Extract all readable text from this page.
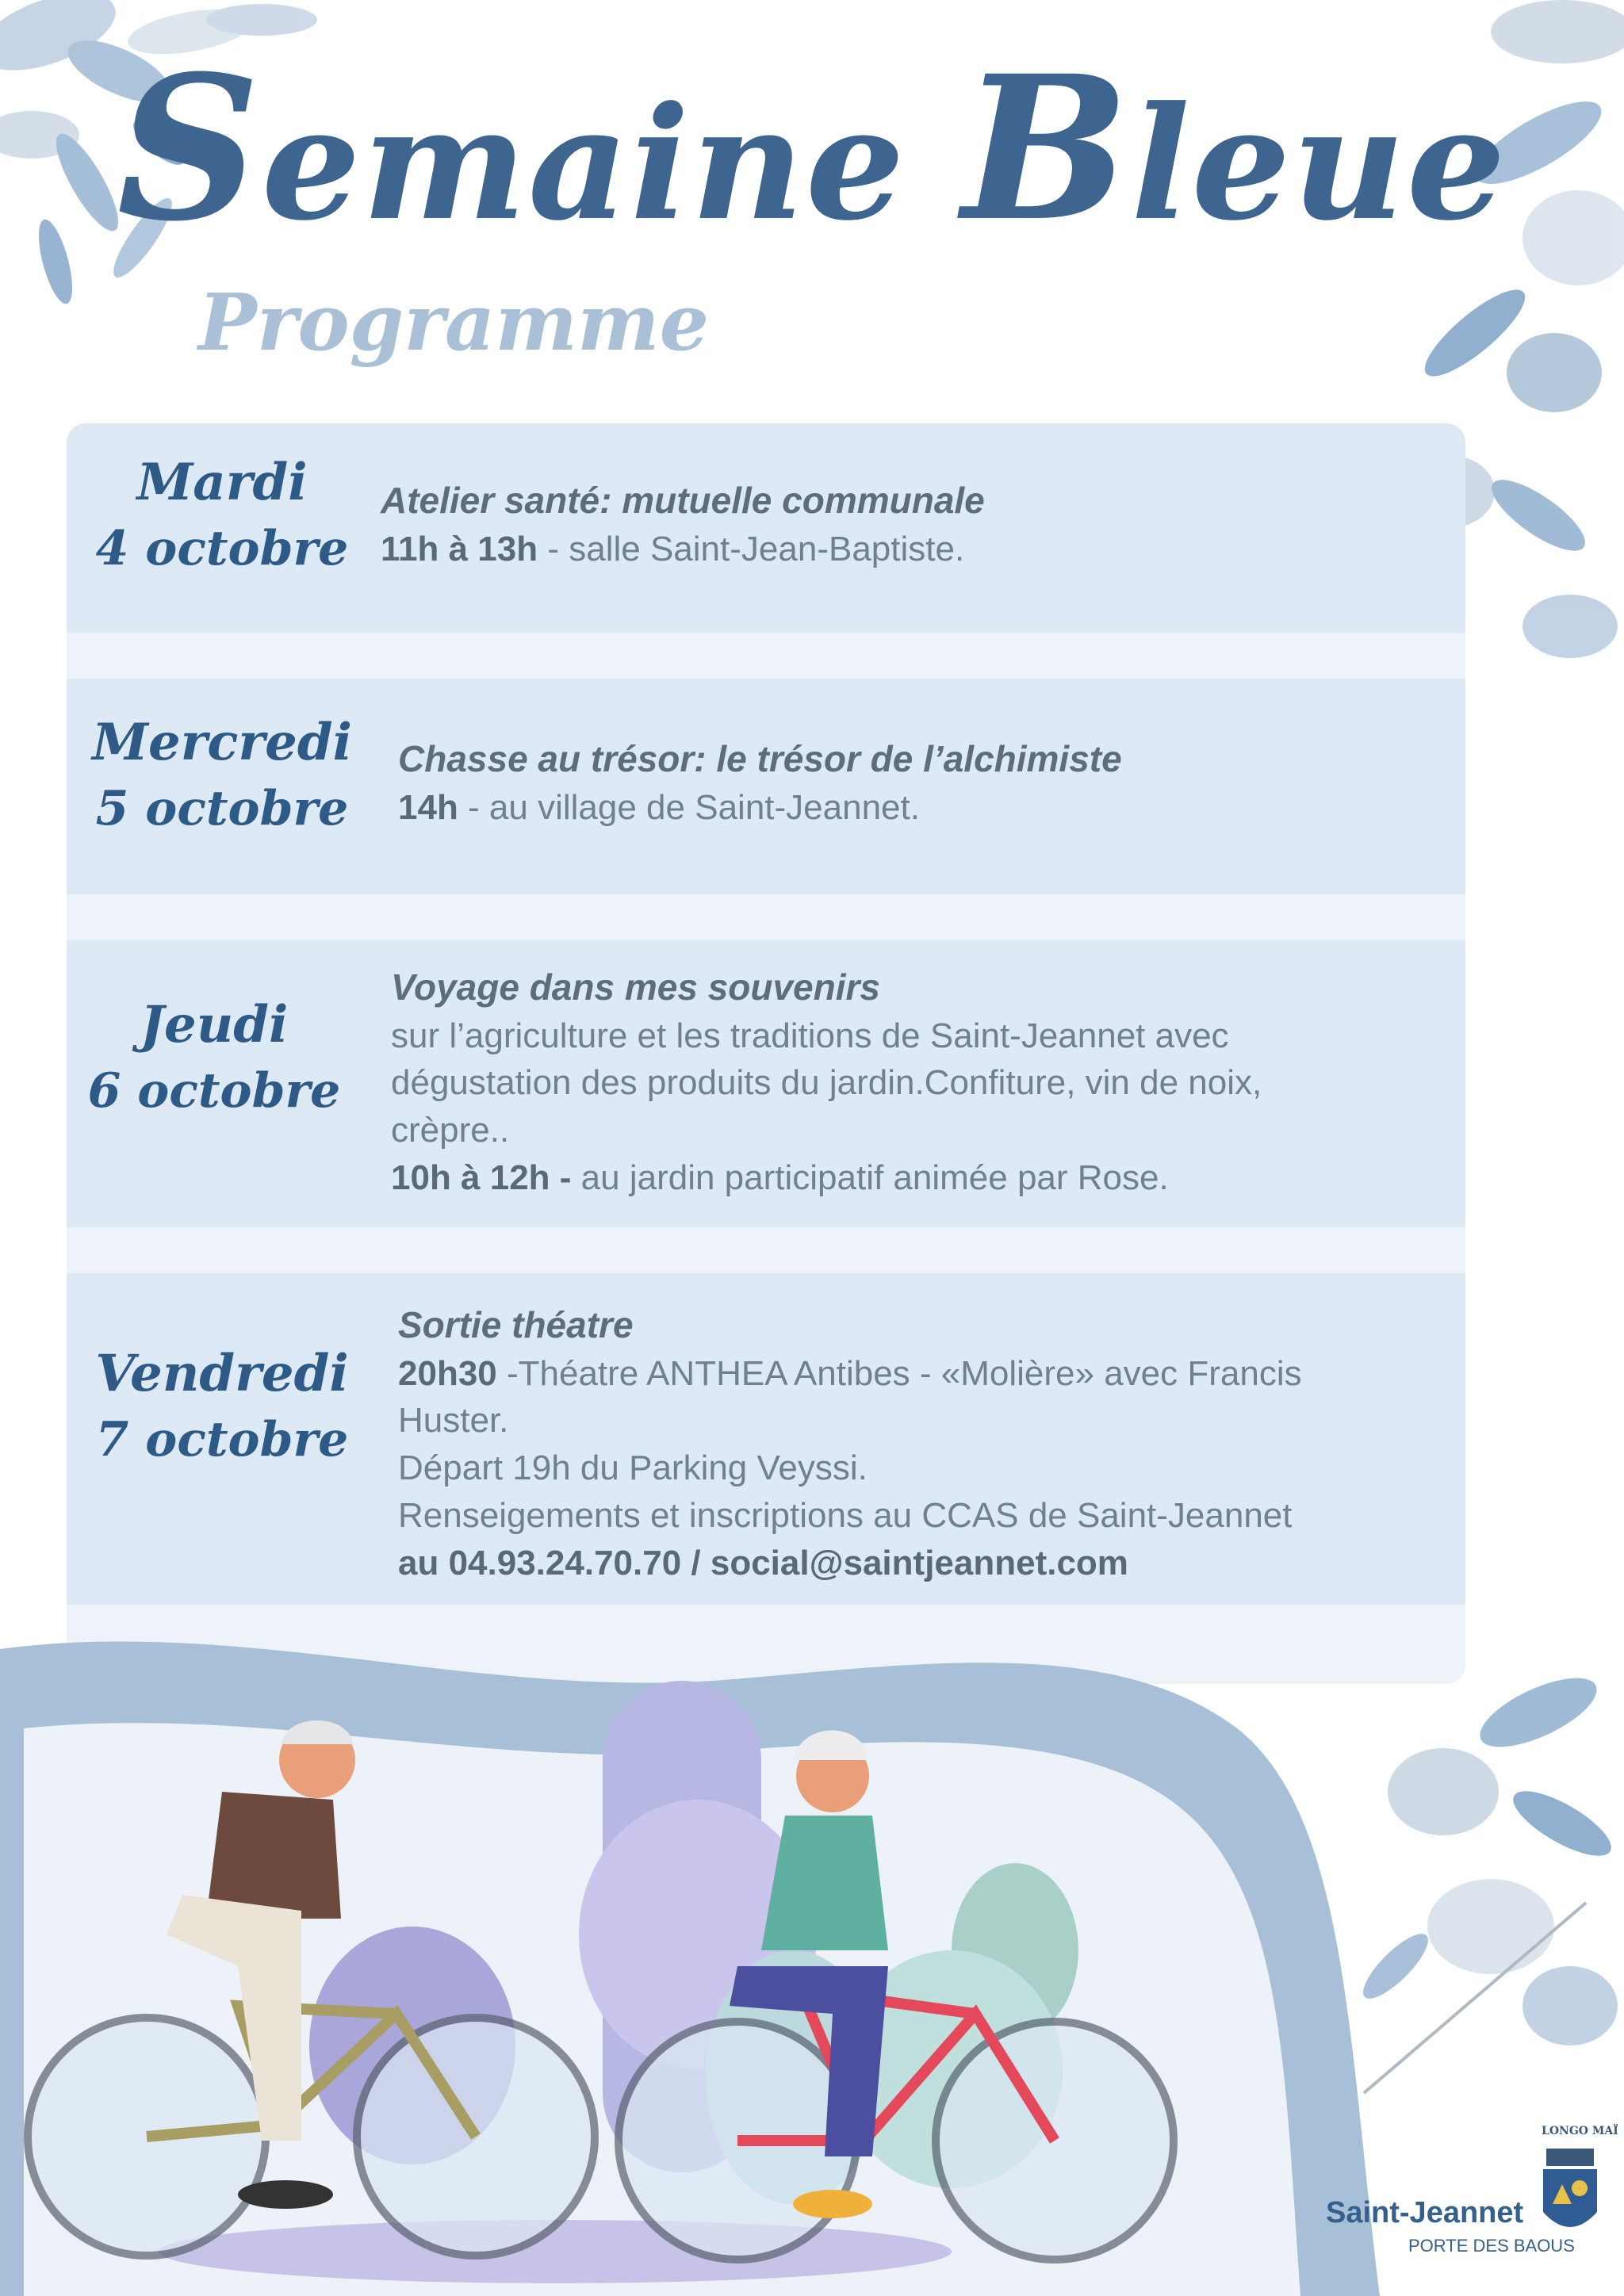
Semaine Bleue
Programme
Mardi
4 octobre
Atelier santé: mutuelle communale
11h à 13h - salle Saint-Jean-Baptiste.
Mercredi
5 octobre
Chasse au trésor: le trésor de l’alchimiste
14h - au village de Saint-Jeannet.
Jeudi
6 octobre
Voyage dans mes souvenirs
sur l’agriculture et les traditions de Saint-Jeannet avec
dégustation des produits du jardin.Confiture, vin de noix,
crèpre..
10h à 12h - au jardin participatif animée par Rose.
Vendredi
7 octobre
Sortie théatre
20h30 -Théatre ANTHEA Antibes - «Molière» avec Francis
Huster.
Départ 19h du Parking Veyssi.
Renseigements et inscriptions au CCAS de Saint-Jeannet
au 04.93.24.70.70 / social@saintjeannet.com
LONGO MAÏ
Saint-Jeannet
PORTE DES BAOUS
